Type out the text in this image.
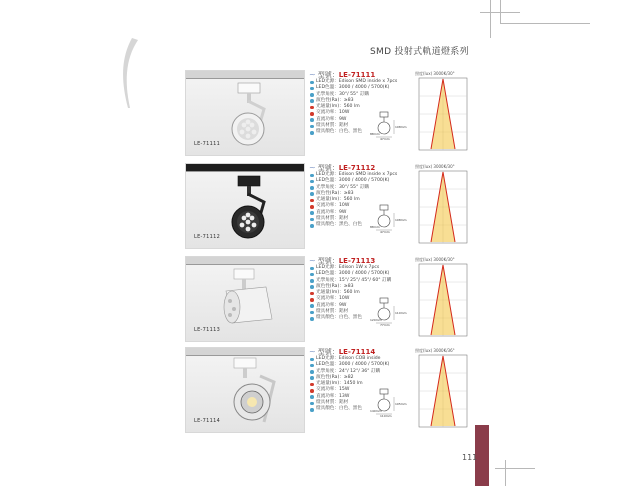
SMD 投射式軌道燈系列
LE-71111
~ 型號：LE-71111
LED光源：Edison SMD inside x 7pcs
LED色溫：3000 / 4000 / 5700(K)
光學角度：30°/ 55° 訂購
演色性(Ra)：≥83
光通量(lm)：560 lm
交流功率：10W
直流功率：9W
燈具材質：鋁材
燈具顏色：白色、黑色
108mm
88mm
47mm
照度(lux) 3000K/30°
LE-71112
~ 型號：LE-71112
LED光源：Edison SMD inside x 7pcs
LED色溫：3000 / 4000 / 5700(K)
光學角度：30°/ 55° 訂購
演色性(Ra)：≥83
光通量(lm)：560 lm
交流功率：10W
直流功率：9W
燈具材質：鋁材
燈具顏色：黑色、白色
108mm
88mm
47mm
照度(lux) 3000K/30°
LE-71113
~ 型號：LE-71113
LED光源：Edison 1W x 7pcs
LED色溫：3000 / 4000 / 5700(K)
光學角度：15°/ 25°/ 45°/ 60° 訂購
演色性(Ra)：≥83
光通量(lm)：560 lm
交流功率：10W
直流功率：9W
燈具材質：鋁材
燈具顏色：白色、黑色
110mm
120mm
77mm
照度(lux) 3000K/30°
LE-71114
~ 型號：LE-71114
LED光源：Edison COB inside
LED色溫：3000 / 4000 / 5700(K)
光學角度：24°/ 12°/ 36° 訂購
演色性(Ra)：≥82
光通量(lm)：1450 lm
交流功率：15W
直流功率：13W
燈具材質：鋁材
燈具顏色：白色、黑色
105mm
140mm
110mm
照度(lux) 3000K/36°
111
